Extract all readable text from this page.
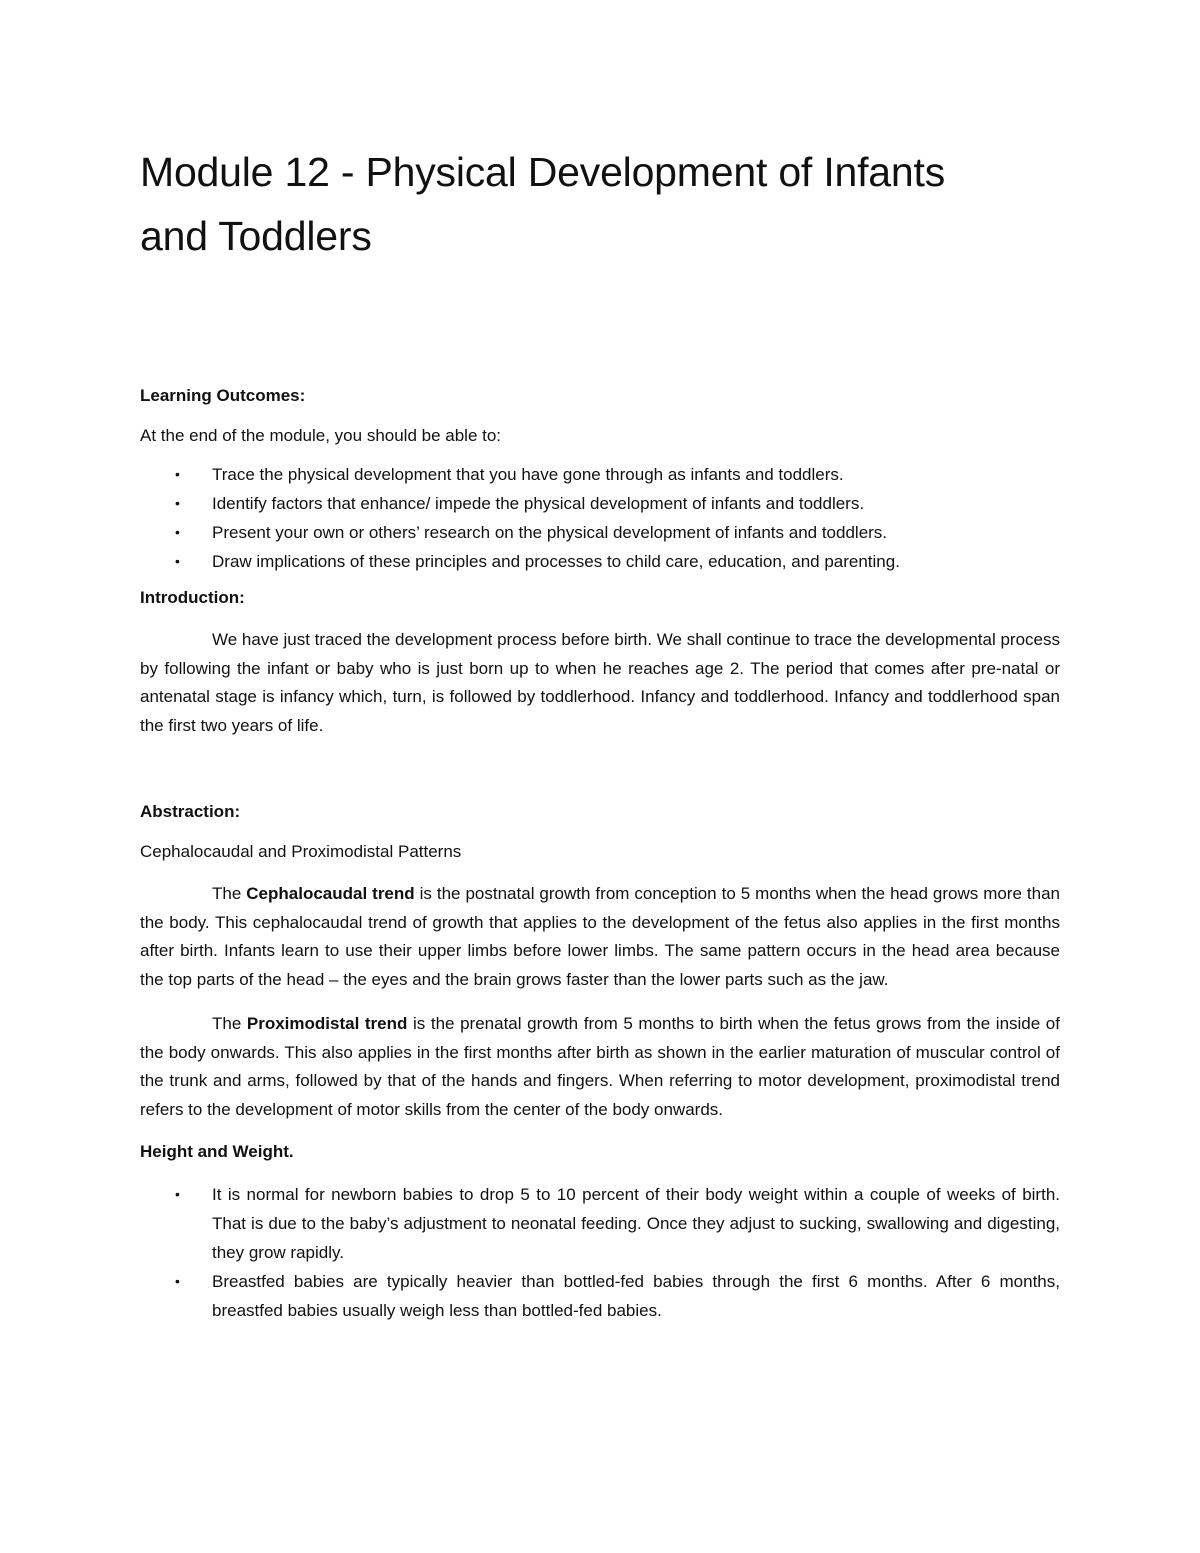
Module 12 - Physical Development of Infants
and Toddlers

Learning Outcomes:

At the end of the module, you should be able to:

• Trace the physical development that you have gone through as infants and toddlers.
• Identify factors that enhance/ impede the physical development of infants and toddlers.
• Present your own or others’ research on the physical development of infants and toddlers.
• Draw implications of these principles and processes to child care, education, and parenting.

Introduction:

We have just traced the development process before birth. We shall continue to trace the developmental process by following the infant or baby who is just born up to when he reaches age 2. The period that comes after pre-natal or antenatal stage is infancy which, turn, is followed by toddlerhood. Infancy and toddlerhood. Infancy and toddlerhood span the first two years of life.

Abstraction:

Cephalocaudal and Proximodistal Patterns

The Cephalocaudal trend is the postnatal growth from conception to 5 months when the head grows more than the body. This cephalocaudal trend of growth that applies to the development of the fetus also applies in the first months after birth. Infants learn to use their upper limbs before lower limbs. The same pattern occurs in the head area because the top parts of the head – the eyes and the brain grows faster than the lower parts such as the jaw.

The Proximodistal trend is the prenatal growth from 5 months to birth when the fetus grows from the inside of the body onwards. This also applies in the first months after birth as shown in the earlier maturation of muscular control of the trunk and arms, followed by that of the hands and fingers. When referring to motor development, proximodistal trend refers to the development of motor skills from the center of the body onwards.

Height and Weight.

• It is normal for newborn babies to drop 5 to 10 percent of their body weight within a couple of weeks of birth. That is due to the baby’s adjustment to neonatal feeding. Once they adjust to sucking, swallowing and digesting, they grow rapidly.
• Breastfed babies are typically heavier than bottled-fed babies through the first 6 months. After 6 months, breastfed babies usually weigh less than bottled-fed babies.
